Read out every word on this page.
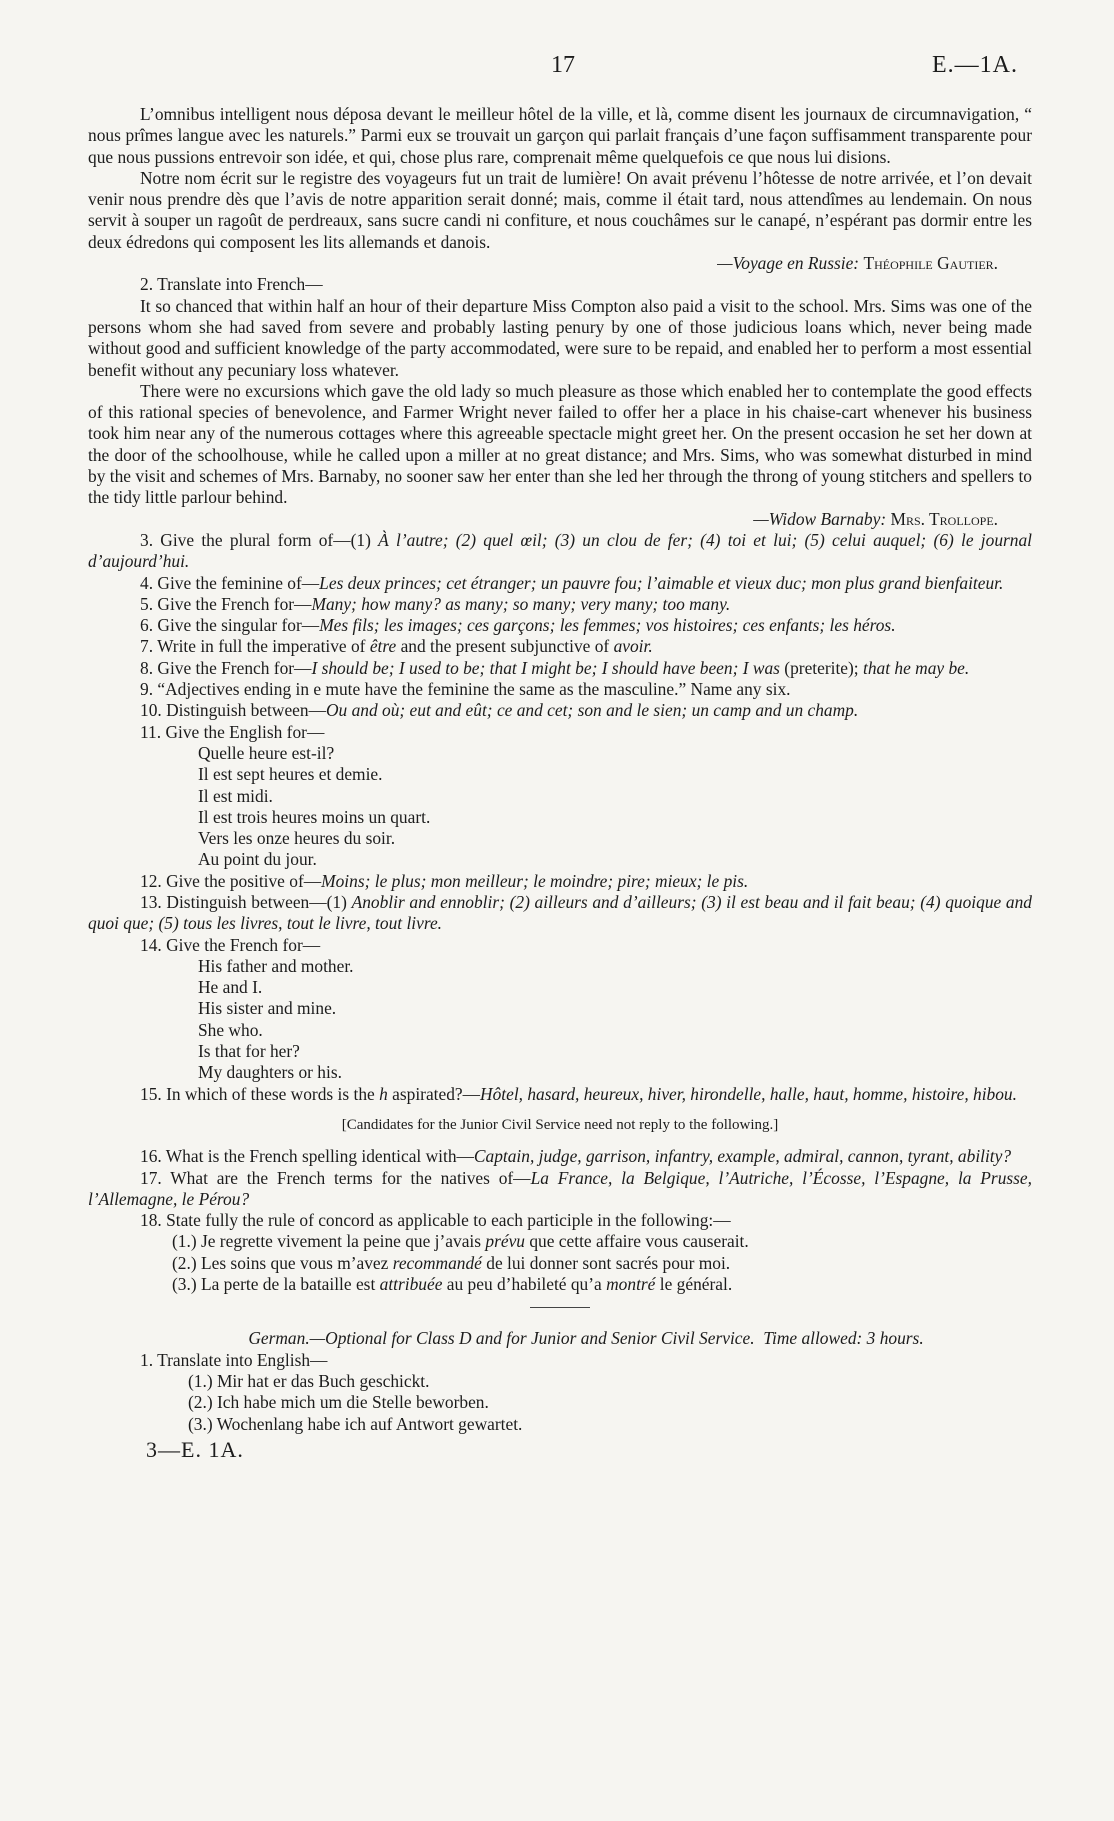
17	E.—1A.

L’omnibus intelligent nous déposa devant le meilleur hôtel de la ville, et là, comme disent les journaux de circumnavigation, “ nous prîmes langue avec les naturels.” Parmi eux se trouvait un garçon qui parlait français d’une façon suffisamment transparente pour que nous pussions entrevoir son idée, et qui, chose plus rare, comprenait même quelquefois ce que nous lui disions.

Notre nom écrit sur le registre des voyageurs fut un trait de lumière! On avait prévenu l’hôtesse de notre arrivée, et l’on devait venir nous prendre dès que l’avis de notre apparition serait donné; mais, comme il était tard, nous attendîmes au lendemain. On nous servit à souper un ragoût de perdreaux, sans sucre candi ni confiture, et nous couchâmes sur le canapé, n’espérant pas dormir entre les deux édredons qui composent les lits allemands et danois.

—Voyage en Russie: Théophile Gautier.

2. Translate into French—

It so chanced that within half an hour of their departure Miss Compton also paid a visit to the school. Mrs. Sims was one of the persons whom she had saved from severe and probably lasting penury by one of those judicious loans which, never being made without good and sufficient knowledge of the party accommodated, were sure to be repaid, and enabled her to perform a most essential benefit without any pecuniary loss whatever.

There were no excursions which gave the old lady so much pleasure as those which enabled her to contemplate the good effects of this rational species of benevolence, and Farmer Wright never failed to offer her a place in his chaise-cart whenever his business took him near any of the numerous cottages where this agreeable spectacle might greet her. On the present occasion he set her down at the door of the schoolhouse, while he called upon a miller at no great distance; and Mrs. Sims, who was somewhat disturbed in mind by the visit and schemes of Mrs. Barnaby, no sooner saw her enter than she led her through the throng of young stitchers and spellers to the tidy little parlour behind.

—Widow Barnaby: Mrs. Trollope.

3. Give the plural form of—(1) À l’autre; (2) quel œil; (3) un clou de fer; (4) toi et lui; (5) celui auquel; (6) le journal d’aujourd’hui.

4. Give the feminine of—Les deux princes; cet étranger; un pauvre fou; l’aimable et vieux duc; mon plus grand bienfaiteur.

5. Give the French for—Many; how many? as many; so many; very many; too many.

6. Give the singular for—Mes fils; les images; ces garçons; les femmes; vos histoires; ces enfants; les héros.

7. Write in full the imperative of être and the present subjunctive of avoir.

8. Give the French for—I should be; I used to be; that I might be; I should have been; I was (preterite); that he may be.

9. “Adjectives ending in e mute have the feminine the same as the masculine.” Name any six.

10. Distinguish between—Ou and où; eut and eût; ce and cet; son and le sien; un camp and un champ.

11. Give the English for—

Quelle heure est-il?
Il est sept heures et demie.
Il est midi.
Il est trois heures moins un quart.
Vers les onze heures du soir.
Au point du jour.

12. Give the positive of—Moins; le plus; mon meilleur; le moindre; pire; mieux; le pis.

13. Distinguish between—(1) Anoblir and ennoblir; (2) ailleurs and d’ailleurs; (3) il est beau and il fait beau; (4) quoique and quoi que; (5) tous les livres, tout le livre, tout livre.

14. Give the French for—

His father and mother.
He and I.
His sister and mine.
She who.
Is that for her?
My daughters or his.

15. In which of these words is the h aspirated?—Hôtel, hasard, heureux, hiver, hirondelle, halle, haut, homme, histoire, hibou.

[Candidates for the Junior Civil Service need not reply to the following.]

16. What is the French spelling identical with—Captain, judge, garrison, infantry, example, admiral, cannon, tyrant, ability?

17. What are the French terms for the natives of—La France, la Belgique, l’Autriche, l’Écosse, l’Espagne, la Prusse, l’Allemagne, le Pérou?

18. State fully the rule of concord as applicable to each participle in the following:—

(1.) Je regrette vivement la peine que j’avais prévu que cette affaire vous causerait.
(2.) Les soins que vous m’avez recommandé de lui donner sont sacrés pour moi.
(3.) La perte de la bataille est attribuée au peu d’habileté qu’a montré le général.

German.—Optional for Class D and for Junior and Senior Civil Service. Time allowed: 3 hours.

1. Translate into English—

(1.) Mir hat er das Buch geschickt.
(2.) Ich habe mich um die Stelle beworben.
(3.) Wochenlang habe ich auf Antwort gewartet.
3—E. 1A.
